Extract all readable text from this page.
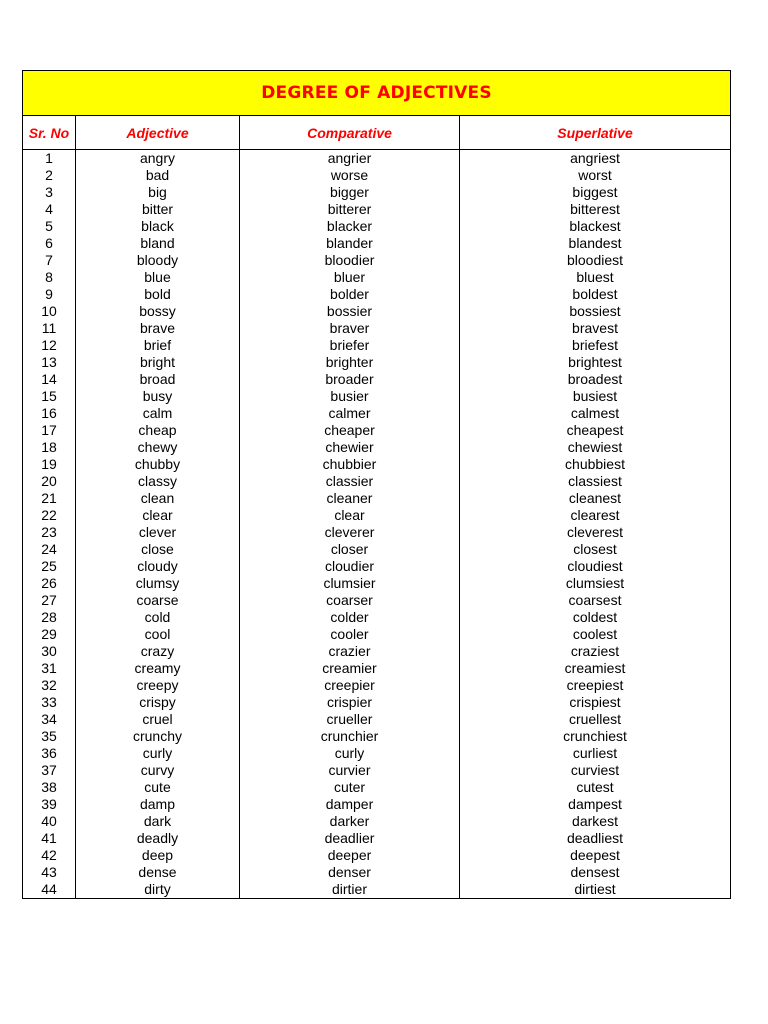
DEGREE OF ADJECTIVES			
Sr. No	Adjective	Comparative	Superlative
1	angry	angrier	angriest
2	bad	worse	worst
3	big	bigger	biggest
4	bitter	bitterer	bitterest
5	black	blacker	blackest
6	bland	blander	blandest
7	bloody	bloodier	bloodiest
8	blue	bluer	bluest
9	bold	bolder	boldest
10	bossy	bossier	bossiest
11	brave	braver	bravest
12	brief	briefer	briefest
13	bright	brighter	brightest
14	broad	broader	broadest
15	busy	busier	busiest
16	calm	calmer	calmest
17	cheap	cheaper	cheapest
18	chewy	chewier	chewiest
19	chubby	chubbier	chubbiest
20	classy	classier	classiest
21	clean	cleaner	cleanest
22	clear	clear	clearest
23	clever	cleverer	cleverest
24	close	closer	closest
25	cloudy	cloudier	cloudiest
26	clumsy	clumsier	clumsiest
27	coarse	coarser	coarsest
28	cold	colder	coldest
29	cool	cooler	coolest
30	crazy	crazier	craziest
31	creamy	creamier	creamiest
32	creepy	creepier	creepiest
33	crispy	crispier	crispiest
34	cruel	crueller	cruellest
35	crunchy	crunchier	crunchiest
36	curly	curly	curliest
37	curvy	curvier	curviest
38	cute	cuter	cutest
39	damp	damper	dampest
40	dark	darker	darkest
41	deadly	deadlier	deadliest
42	deep	deeper	deepest
43	dense	denser	densest
44	dirty	dirtier	dirtiest
